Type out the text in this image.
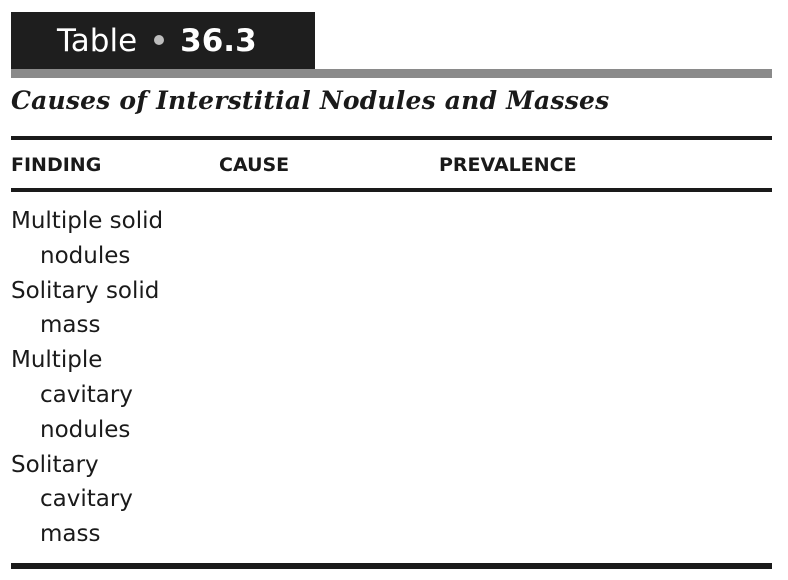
Table 36.3
Causes of Interstitial Nodules and Masses
FINDING	CAUSE	PREVALENCE
Multiple solid
nodules
Solitary solid
mass
Multiple
cavitary
nodules
Solitary
cavitary
mass
